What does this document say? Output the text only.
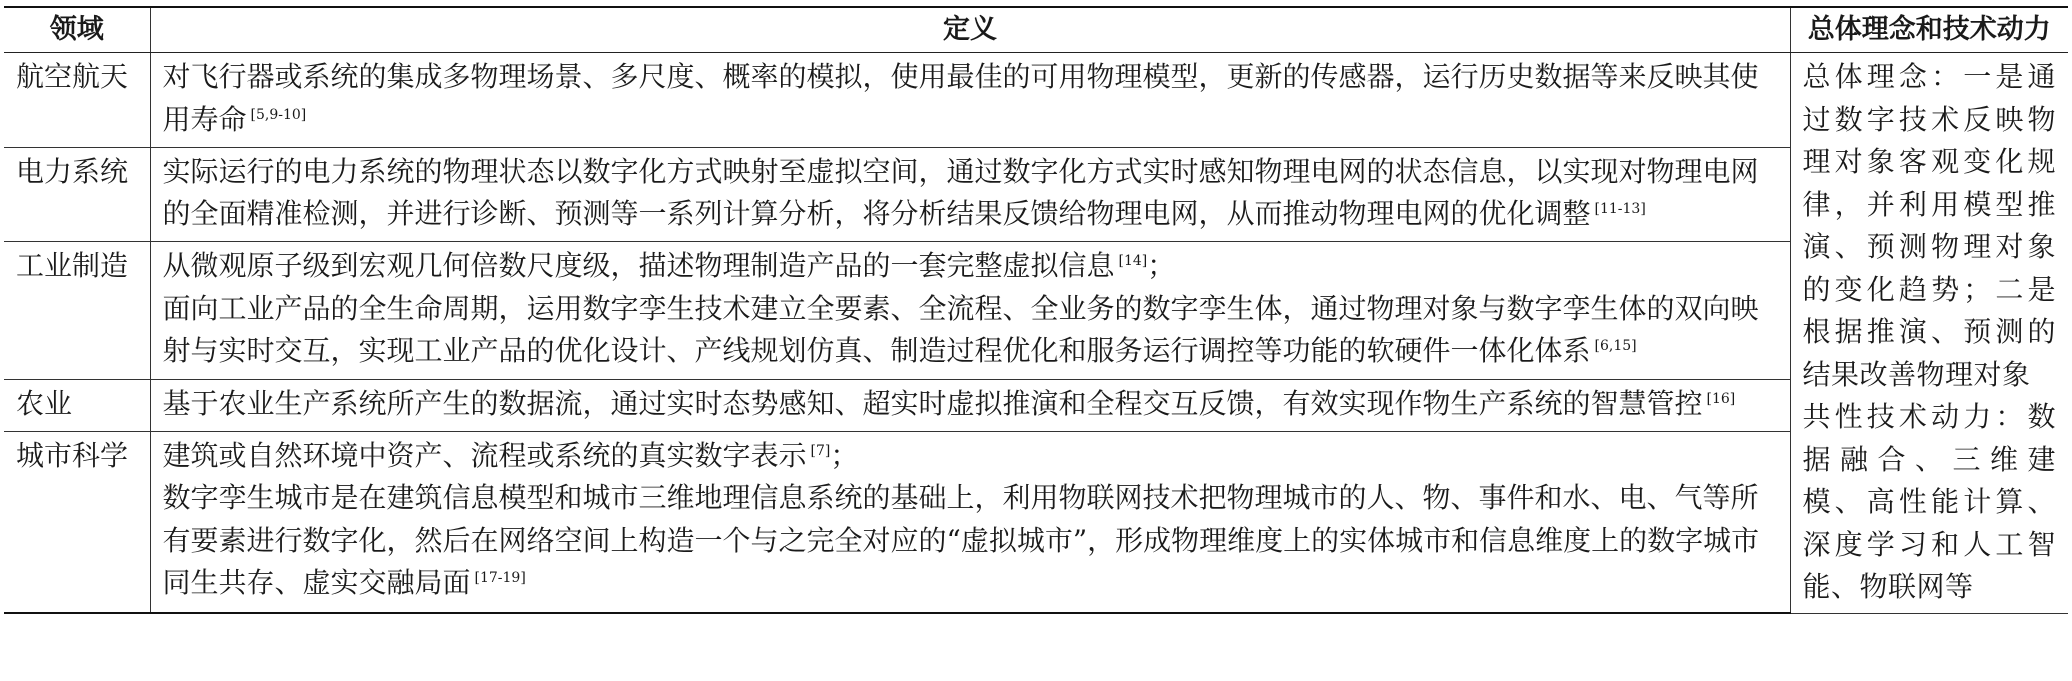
领域	定义	总体理念和技术动力
航空航天	对飞行器或系统的集成多物理场景、多尺度、概率的模拟，使用最佳的可用物理模型，更新的传感器，运行历史数据等来反映其使用寿命 [5,9-10]	总体理念：一是通过数字技术反映物理对象客观变化规律，并利用模型推演、预测物理对象的变化趋势；二是根据推演、预测的结果改善物理对象
共性技术动力：数据融合、三维建模、高性能计算、深度学习和人工智能、物联网等

电力系统	实际运行的电力系统的物理状态以数字化方式映射至虚拟空间，通过数字化方式实时感知物理电网的状态信息，以实现对物理电网的全面精准检测，并进行诊断、预测等一系列计算分析，将分析结果反馈给物理电网，从而推动物理电网的优化调整 [11-13]

工业制造	从微观原子级到宏观几何倍数尺度级，描述物理制造产品的一套完整虚拟信息 [14]；
面向工业产品的全生命周期，运用数字孪生技术建立全要素、全流程、全业务的数字孪生体，通过物理对象与数字孪生体的双向映射与实时交互，实现工业产品的优化设计、产线规划仿真、制造过程优化和服务运行调控等功能的软硬件一体化体系 [6,15]

农业	基于农业生产系统所产生的数据流，通过实时态势感知、超实时虚拟推演和全程交互反馈，有效实现作物生产系统的智慧管控 [16]

城市科学	建筑或自然环境中资产、流程或系统的真实数字表示 [7]；
数字孪生城市是在建筑信息模型和城市三维地理信息系统的基础上，利用物联网技术把物理城市的人、物、事件和水、电、气等所有要素进行数字化，然后在网络空间上构造一个与之完全对应的“虚拟城市”，形成物理维度上的实体城市和信息维度上的数字城市同生共存、虚实交融局面 [17-19]
